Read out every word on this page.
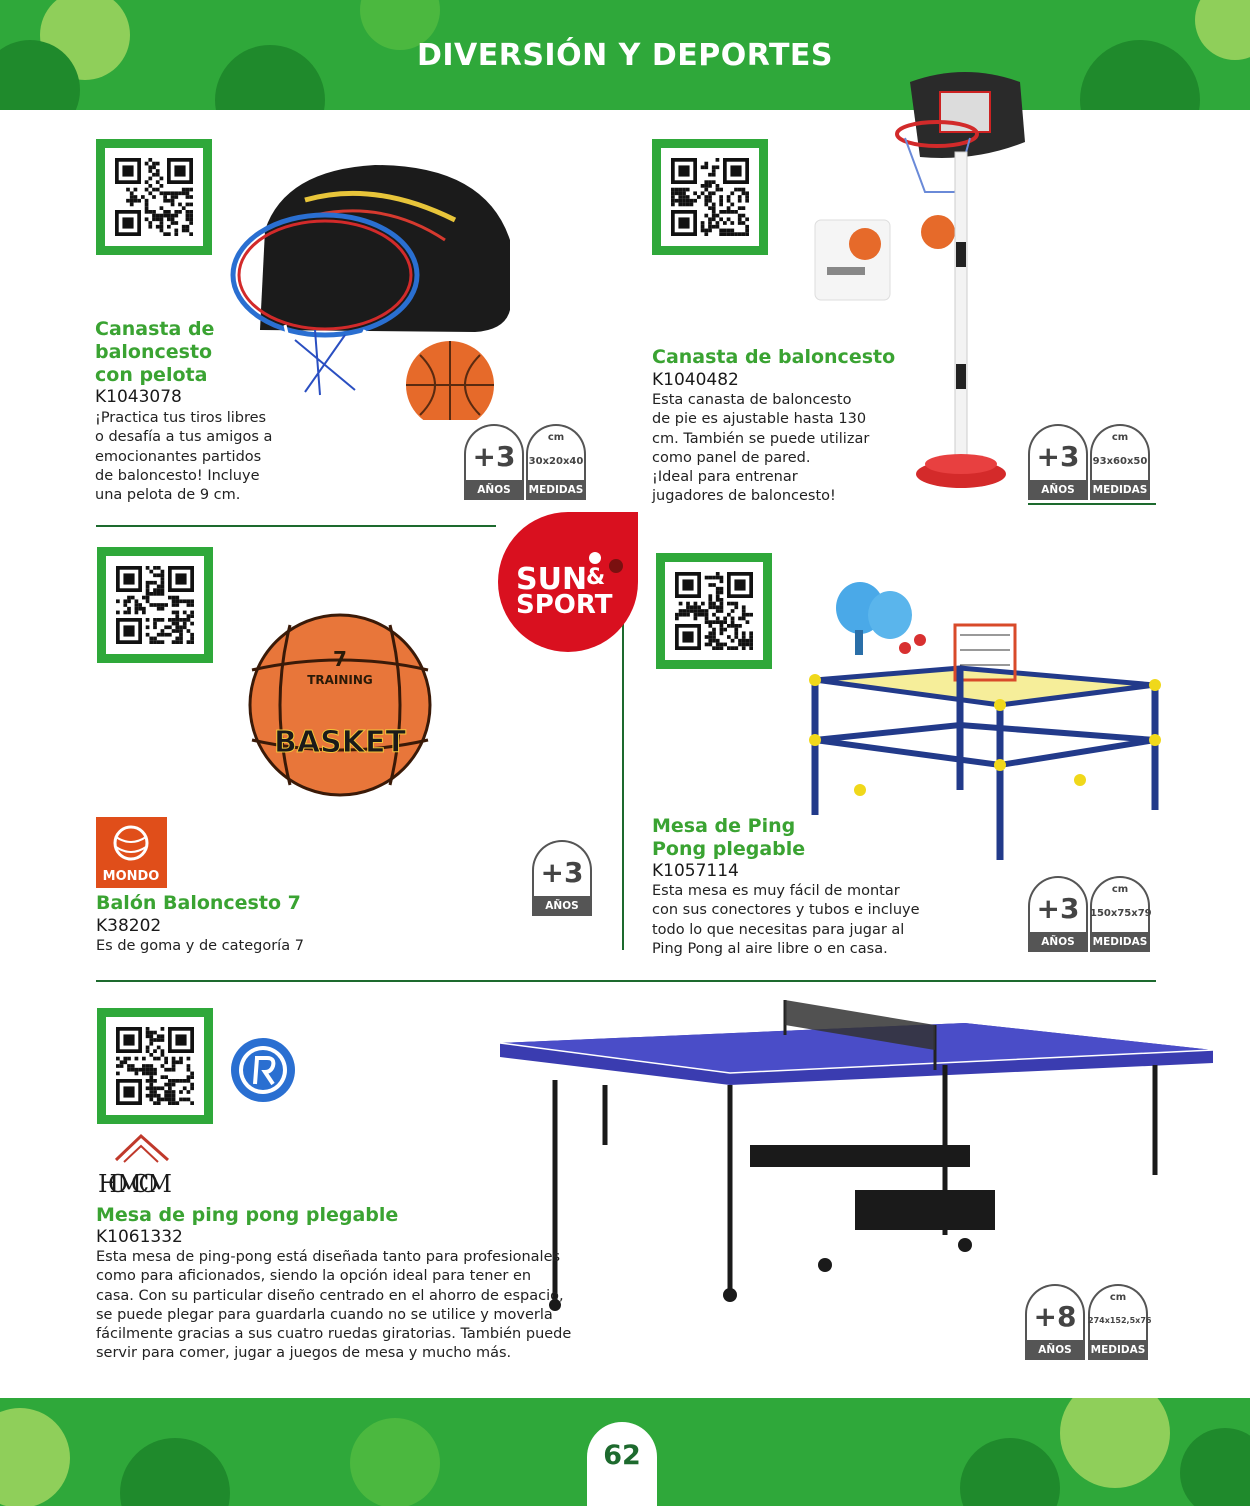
DIVERSIÓN Y DEPORTES
62
Canasta de
baloncesto
con pelota
K1043078
¡Practica tus tiros libres
o desafía a tus amigos a
emocionantes partidos
de baloncesto! Incluye
una pelota de 9 cm.
+3
AÑOS
cm
30x20x40
MEDIDAS
Canasta de baloncesto
K1040482
Esta canasta de baloncesto
de pie es ajustable hasta 130
cm. También se puede utilizar
como panel de pared.
¡Ideal para entrenar
jugadores de baloncesto!
+3
AÑOS
cm
93x60x50
MEDIDAS
SUN
&
SPORT
7
TRAINING
BASKET
MONDO
Balón Baloncesto 7
K38202
Es de goma y de categoría 7
+3
AÑOS
Mesa de Ping
Pong plegable
K1057114
Esta mesa es muy fácil de montar
con sus conectores y tubos e incluye
todo lo que necesitas para jugar al
Ping Pong al aire libre o en casa.
+3
AÑOS
cm
150x75x79
MEDIDAS
HOMCOM
Mesa de ping pong plegable
K1061332
Esta mesa de ping-pong está diseñada tanto para profesionales
como para aficionados, siendo la opción ideal para tener en
casa. Con su particular diseño centrado en el ahorro de espacio,
se puede plegar para guardarla cuando no se utilice y moverla
fácilmente gracias a sus cuatro ruedas giratorias. También puede
servir para comer, jugar a juegos de mesa y mucho más.
+8
AÑOS
cm
274x152,5x76
MEDIDAS
